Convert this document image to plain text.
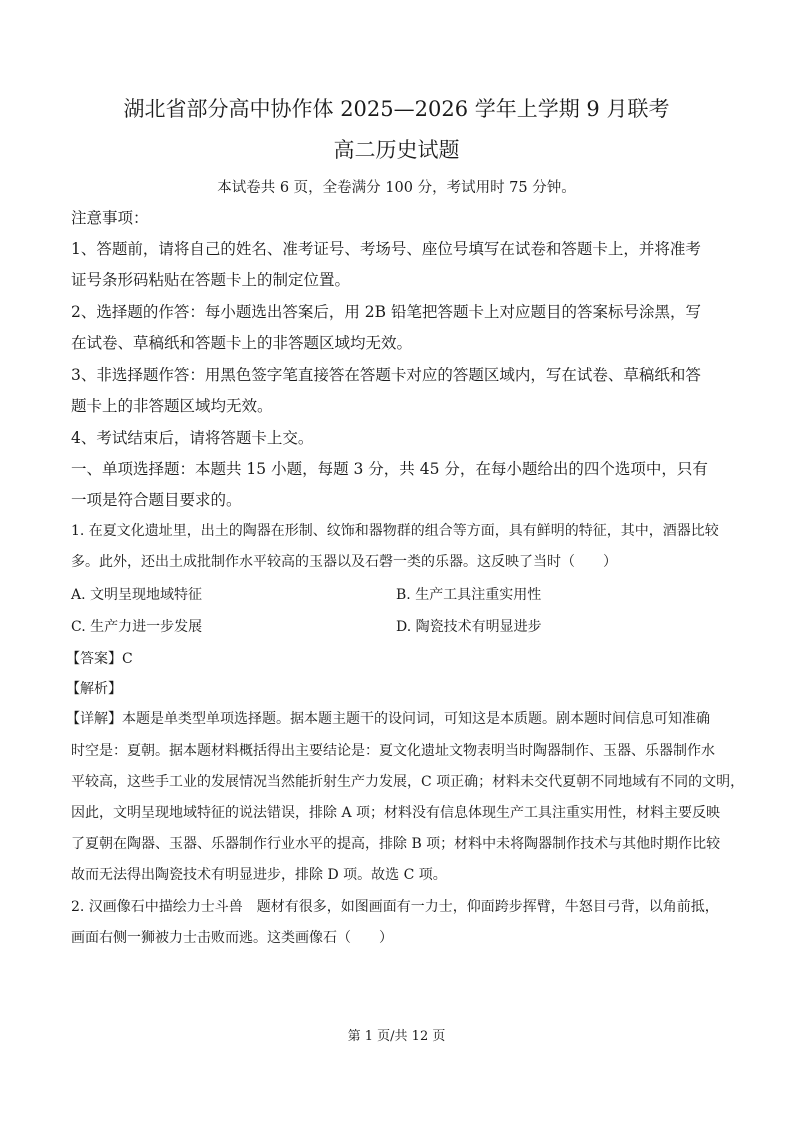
湖北省部分高中协作体 2025—2026 学年上学期 9 月联考
高二历史试题
本试卷共 6 页，全卷满分 100 分，考试用时 75 分钟。
注意事项：
1、答题前，请将自己的姓名、准考证号、考场号、座位号填写在试卷和答题卡上，并将准考
证号条形码粘贴在答题卡上的制定位置。
2、选择题的作答：每小题选出答案后，用 2B 铅笔把答题卡上对应题目的答案标号涂黑，写
在试卷、草稿纸和答题卡上的非答题区域均无效。
3、非选择题作答：用黑色签字笔直接答在答题卡对应的答题区域内，写在试卷、草稿纸和答
题卡上的非答题区域均无效。
4、考试结束后，请将答题卡上交。
一、单项选择题：本题共 15 小题，每题 3 分，共 45 分，在每小题给出的四个选项中，只有
一项是符合题目要求的。
1. 在夏文化遗址里，出土的陶器在形制、纹饰和器物群的组合等方面，具有鲜明的特征，其中，酒器比较
多。此外，还出土成批制作水平较高的玉器以及石磬一类的乐器。这反映了当时（　　）
A. 文明呈现地域特征	B. 生产工具注重实用性
C. 生产力进一步发展	D. 陶瓷技术有明显进步
【答案】C
【解析】
【详解】本题是单类型单项选择题。据本题主题干的设问词，可知这是本质题。剧本题时间信息可知准确
时空是：夏朝。据本题材料概括得出主要结论是：夏文化遗址文物表明当时陶器制作、玉器、乐器制作水
平较高，这些手工业的发展情况当然能折射生产力发展，C 项正确；材料未交代夏朝不同地域有不同的文明，
因此，文明呈现地域特征的说法错误，排除 A 项；材料没有信息体现生产工具注重实用性，材料主要反映
了夏朝在陶器、玉器、乐器制作行业水平的提高，排除 B 项；材料中未将陶器制作技术与其他时期作比较
故而无法得出陶瓷技术有明显进步，排除 D 项。故选 C 项。
2. 汉画像石中描绘力士斗兽　题材有很多，如图画面有一力士，仰面跨步挥臂，牛怒目弓背，以角前抵，
画面右侧一狮被力士击败而逃。这类画像石（　　）
第 1 页/共 12 页
